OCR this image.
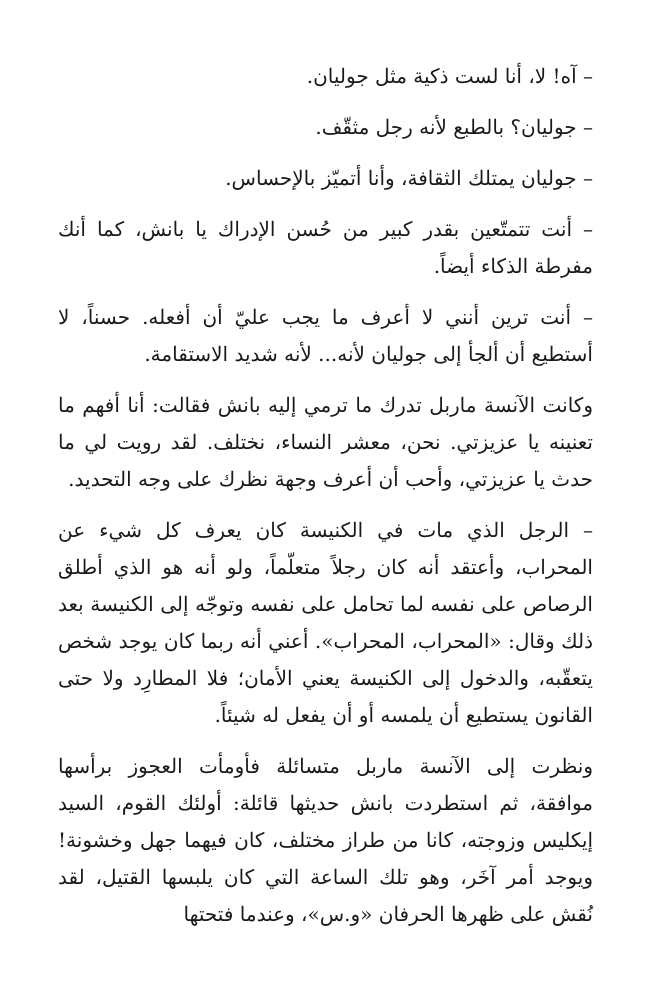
– آه! لا، أنا لست ذكية مثل جوليان.

– جوليان؟ بالطبع لأنه رجل مثقّف.

– جوليان يمتلك الثقافة، وأنا أتميّز بالإحساس.

– أنت تتمتّعين بقدر كبير من حُسن الإدراك يا بانش، كما أنك مفرطة الذكاء أيضاً.

– أنت ترين أنني لا أعرف ما يجب عليّ أن أفعله. حسناً، لا أستطيع أن ألجأ إلى جوليان لأنه... لأنه شديد الاستقامة.

وكانت الآنسة ماربل تدرك ما ترمي إليه بانش فقالت: أنا أفهم ما تعنينه يا عزيزتي. نحن، معشر النساء، نختلف. لقد رويت لي ما حدث يا عزيزتي، وأحب أن أعرف وجهة نظرك على وجه التحديد.

– الرجل الذي مات في الكنيسة كان يعرف كل شيء عن المحراب، وأعتقد أنه كان رجلاً متعلّماً، ولو أنه هو الذي أطلق الرصاص على نفسه لما تحامل على نفسه وتوجّه إلى الكنيسة بعد ذلك وقال: «المحراب، المحراب». أعني أنه ربما كان يوجد شخص يتعقّبه، والدخول إلى الكنيسة يعني الأمان؛ فلا المطارِد ولا حتى القانون يستطيع أن يلمسه أو أن يفعل له شيئاً.

ونظرت إلى الآنسة ماربل متسائلة فأومأت العجوز برأسها موافقة، ثم استطردت بانش حديثها قائلة: أولئك القوم، السيد إيكليس وزوجته، كانا من طراز مختلف، كان فيهما جهل وخشونة! ويوجد أمر آخَر، وهو تلك الساعة التي كان يلبسها القتيل، لقد نُقش على ظهرها الحرفان «و.س»، وعندما فتحتها
